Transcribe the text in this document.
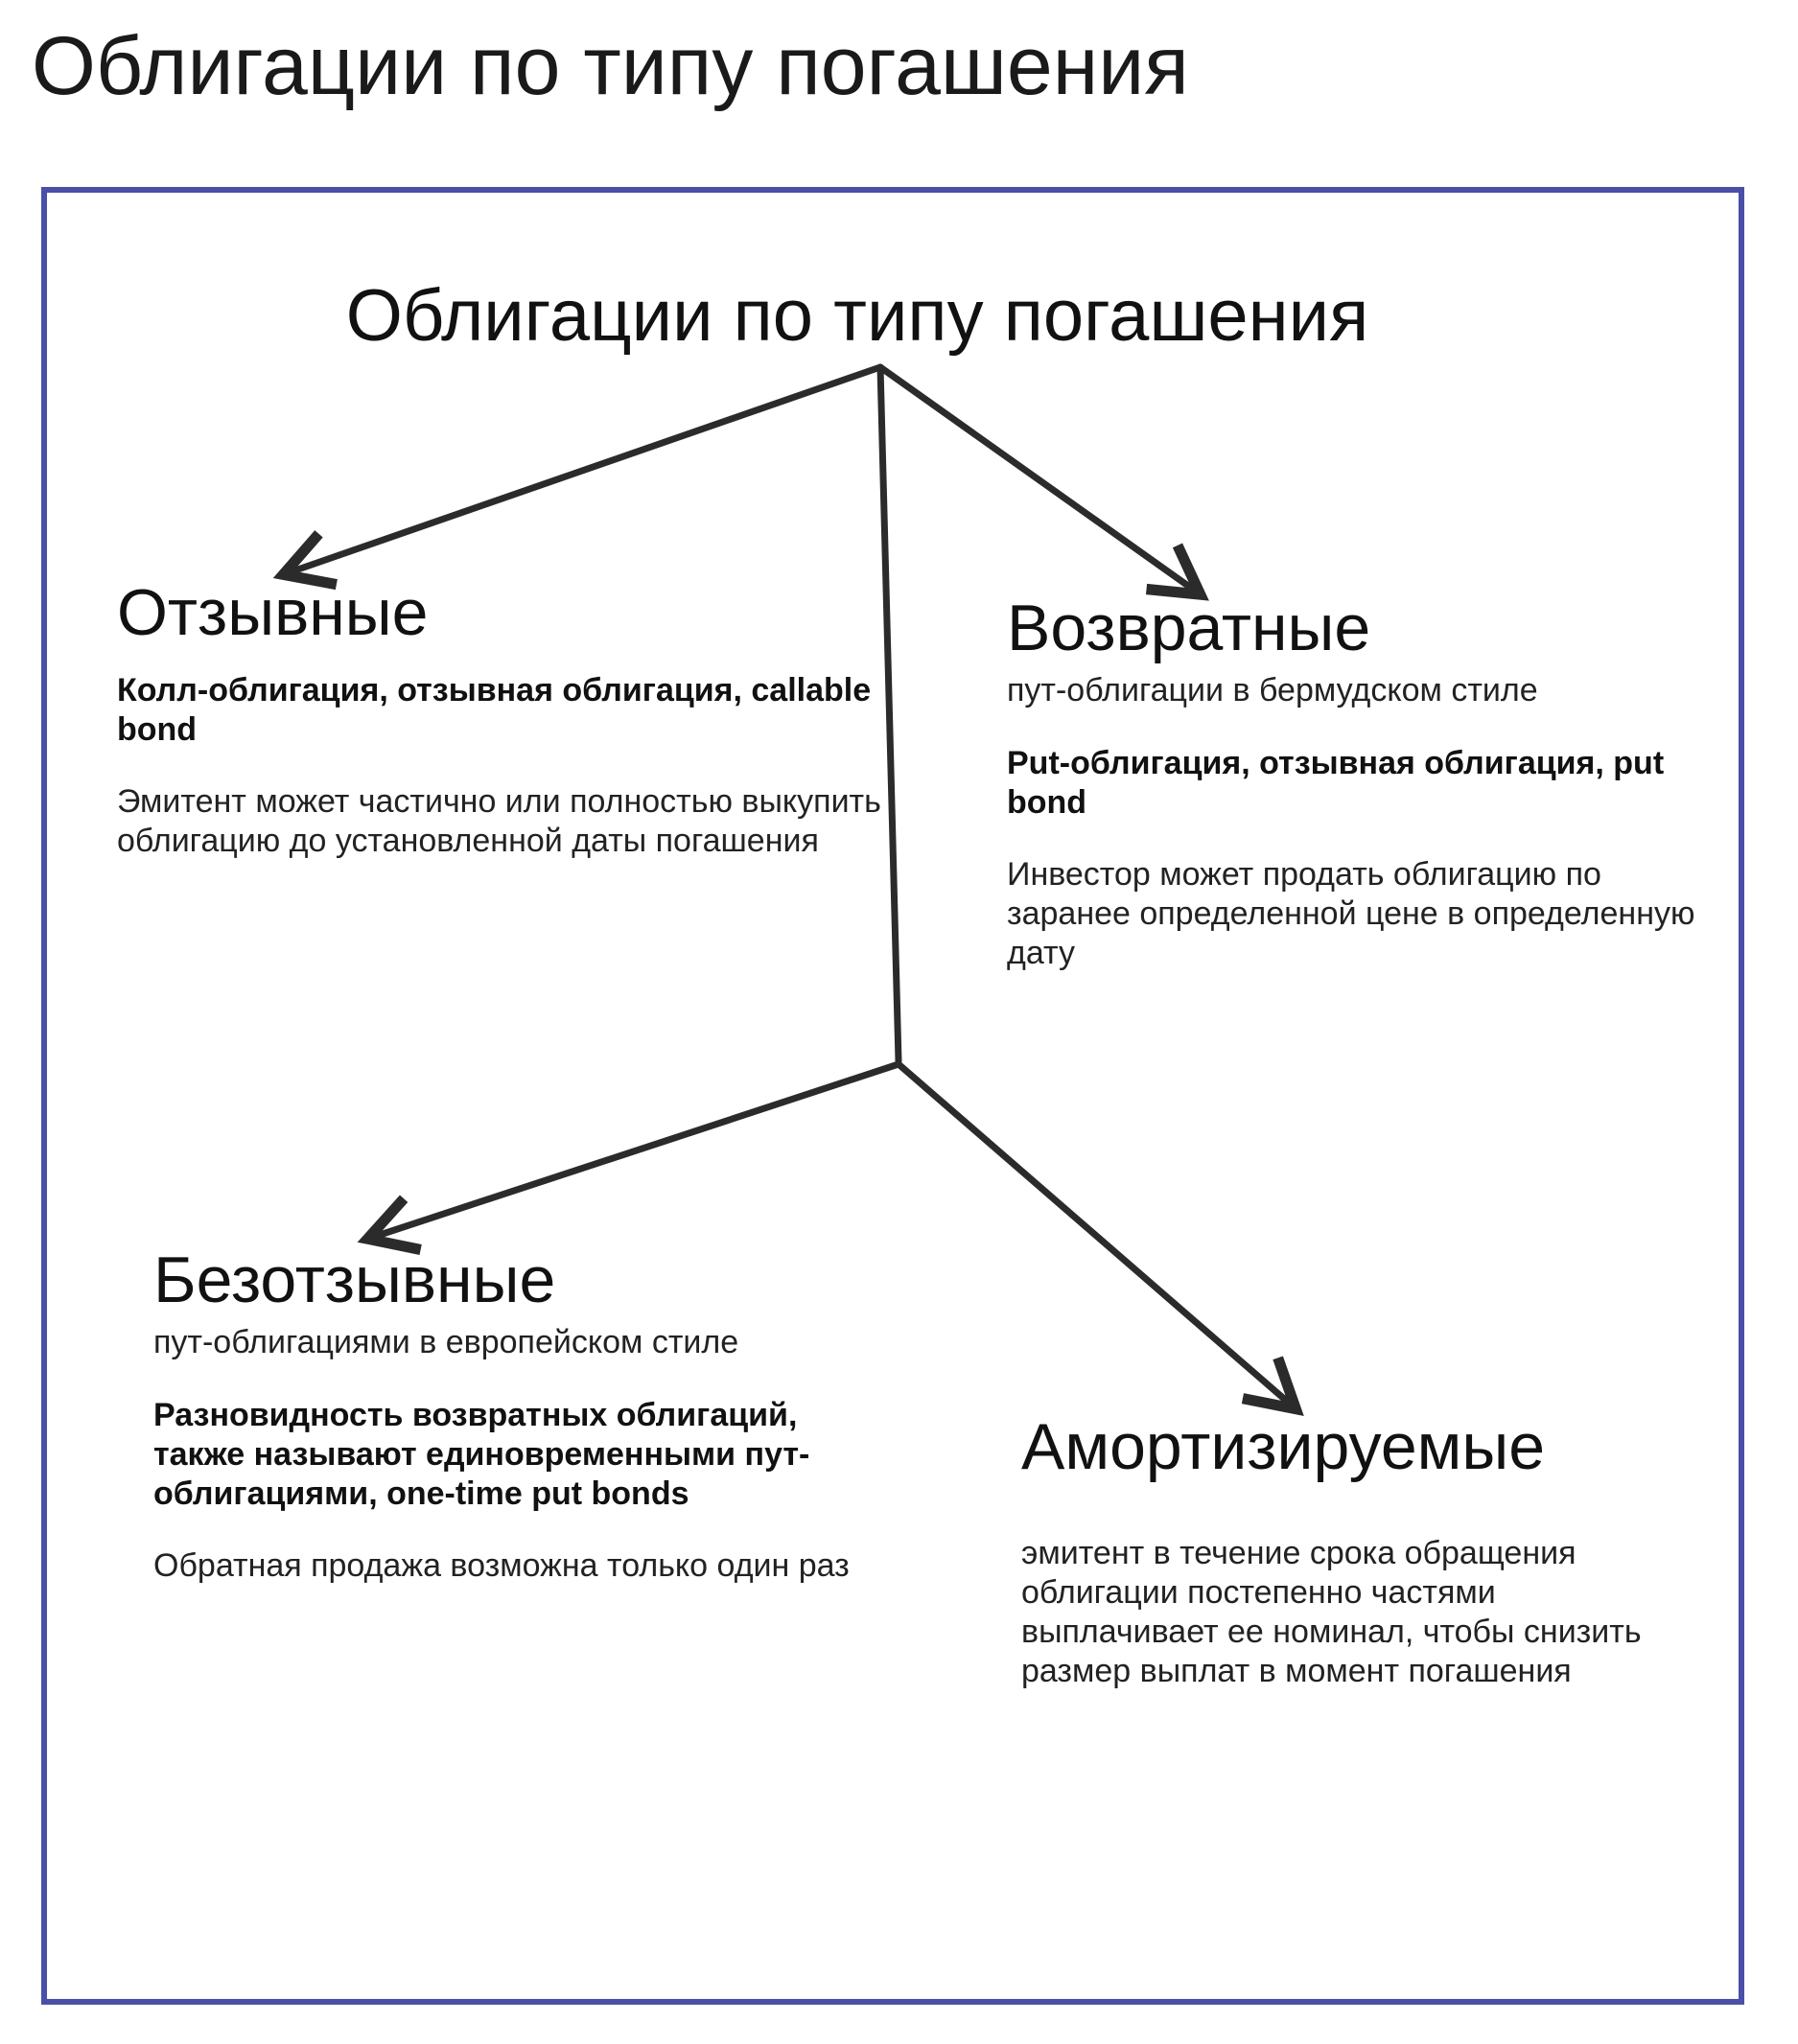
Облигации по типу погашения
Облигации по типу погашения

Отзывные

Колл-облигация, отзывная облигация, callable bond

Эмитент может частично или полностью выкупить облигацию до установленной даты погашения

Возвратные

пут-облигации в бермудском стиле

Put-облигация, отзывная облигация, put bond

Инвестор может продать облигацию по заранее определенной цене в определенную дату

Безотзывные

пут-облигациями в европейском стиле

Разновидность возвратных облигаций, также называют единовременными пут-облигациями, one-time put bonds

Обратная продажа возможна только один раз

Амортизируемые

эмитент в течение срока обращения облигации постепенно частями выплачивает ее номинал, чтобы снизить размер выплат в момент погашения
